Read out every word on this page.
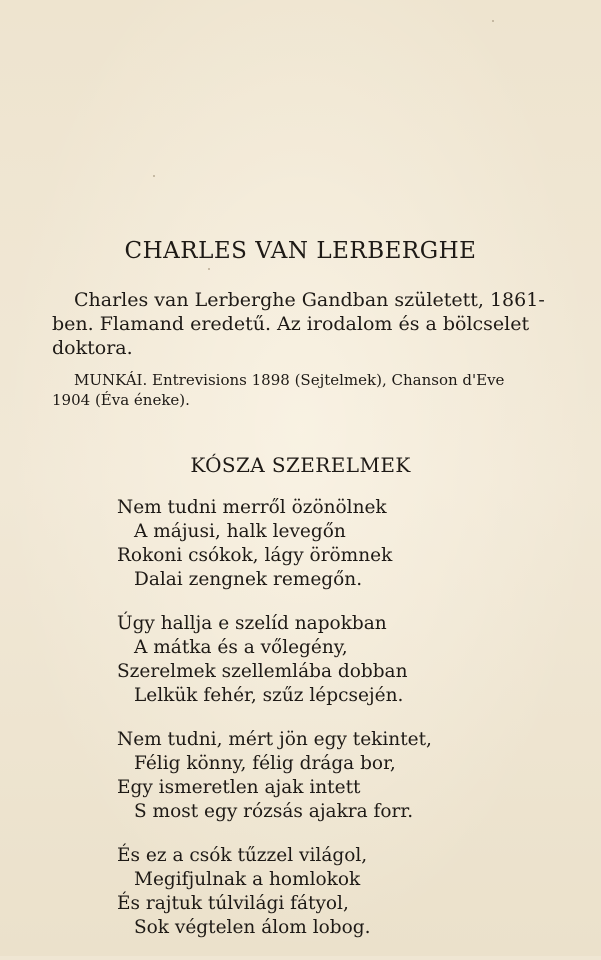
CHARLES VAN LERBERGHE
Charles van Lerberghe Gandban született, 1861-
ben. Flamand eredetű. Az irodalom és a bölcselet
doktora.
MUNKÁI. Entrevisions 1898 (Sejtelmek), Chanson d'Eve
1904 (Éva éneke).
KÓSZA SZERELMEK
Nem tudni merről özönölnek
A májusi, halk levegőn
Rokoni csókok, lágy örömnek
Dalai zengnek remegőn.
Úgy hallja e szelíd napokban
A mátka és a vőlegény,
Szerelmek szellemlába dobban
Lelkük fehér, szűz lépcsején.
Nem tudni, mért jön egy tekintet,
Félig könny, félig drága bor,
Egy ismeretlen ajak intett
S most egy rózsás ajakra forr.
És ez a csók tűzzel világol,
Megifjulnak a homlokok
És rajtuk túlvilági fátyol,
Sok végtelen álom lobog.
